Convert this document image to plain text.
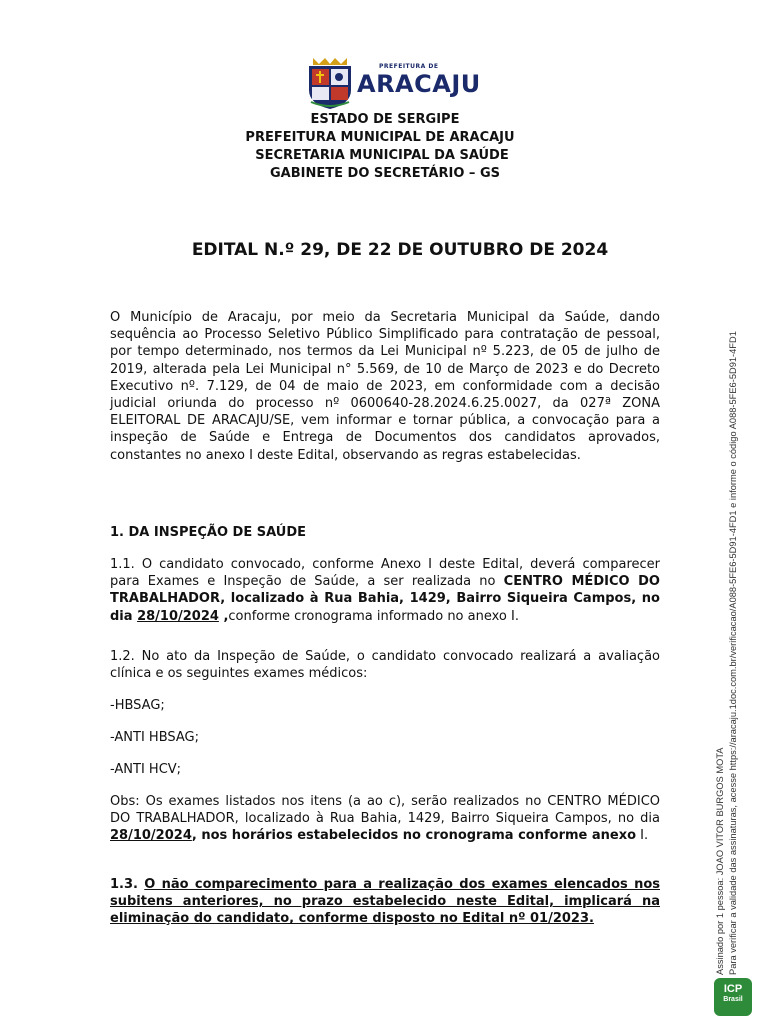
PREFEITURA DE
ARACAJU
ESTADO DE SERGIPE
PREFEITURA MUNICIPAL DE ARACAJU
SECRETARIA MUNICIPAL DA SAÚDE
GABINETE DO SECRETÁRIO – GS
EDITAL N.º 29, DE 22 DE OUTUBRO DE 2024
O Município de Aracaju, por meio da Secretaria Municipal da Saúde, dando sequência ao Processo Seletivo Público Simplificado para contratação de pessoal, por tempo determinado, nos termos da Lei Municipal nº 5.223, de 05 de julho de 2019, alterada pela Lei Municipal n° 5.569, de 10 de Março de 2023 e do Decreto Executivo nº. 7.129, de 04 de maio de 2023, em conformidade com a decisão judicial oriunda do processo nº 0600640-28.2024.6.25.0027, da 027ª ZONA ELEITORAL DE ARACAJU/SE, vem informar e tornar pública, a convocação para a inspeção de Saúde e Entrega de Documentos dos candidatos aprovados, constantes no anexo I deste Edital, observando as regras estabelecidas.
1. DA INSPEÇÃO DE SAÚDE
1.1. O candidato convocado, conforme Anexo I deste Edital, deverá comparecer para Exames e Inspeção de Saúde, a ser realizada no CENTRO MÉDICO DO TRABALHADOR, localizado à Rua Bahia, 1429, Bairro Siqueira Campos, no dia 28/10/2024 ,conforme cronograma informado no anexo I.
1.2. No ato da Inspeção de Saúde, o candidato convocado realizará a avaliação clínica e os seguintes exames médicos:
-HBSAG;
-ANTI HBSAG;
-ANTI HCV;
Obs: Os exames listados nos itens (a ao c), serão realizados no CENTRO MÉDICO DO TRABALHADOR, localizado à Rua Bahia, 1429, Bairro Siqueira Campos, no dia 28/10/2024, nos horários estabelecidos no cronograma conforme anexo I.
1.3. O não comparecimento para a realização dos exames elencados nos subitens anteriores, no prazo estabelecido neste Edital, implicará na eliminação do candidato, conforme disposto no Edital nº 01/2023.	Assinado por 1 pessoa: JOAO VITOR BURGOS MOTA Para verificar a validade das assinaturas, acesse https://aracaju.1doc.com.br/verificacao/A088-5FE6-5D91-4FD1 e informe o código A088-5FE6-5D91-4FD1
ICP
Brasil
